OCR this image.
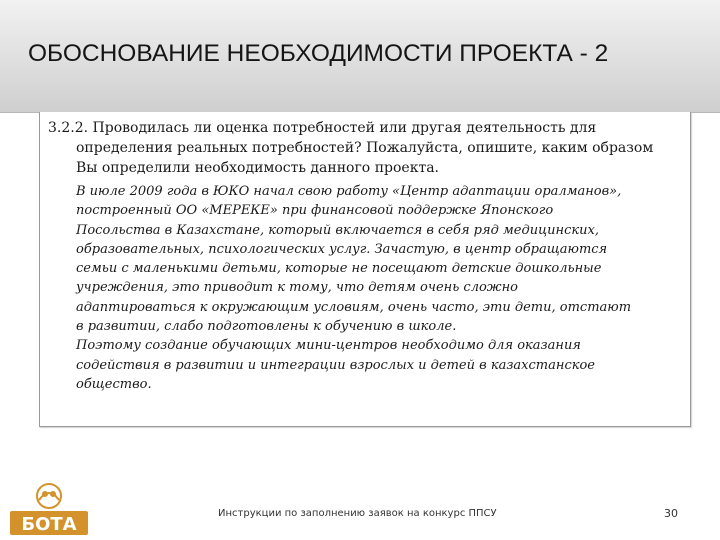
ОБОСНОВАНИЕ НЕОБХОДИМОСТИ ПРОЕКТА - 2
3.2.2. Проводилась ли оценка потребностей или другая деятельность для
определения реальных потребностей? Пожалуйста, опишите, каким образом
Вы определили необходимость данного проекта.

В июле 2009 года в ЮКО начал свою работу «Центр адаптации оралманов»,

построенный ОО «МЕРЕКЕ» при финансовой поддержке Японского

Посольства в Казахстане, который включается в себя ряд медицинских,

образовательных, психологических услуг. Зачастую, в центр обращаются

семьи с маленькими детьми, которые не посещают детские дошкольные

учреждения, это приводит к тому, что детям очень сложно

адаптироваться к окружающим условиям, очень часто, эти дети, отстают

в развитии, слабо подготовлены к обучению в школе.

Поэтому создание обучающих мини-центров необходимо для оказания

содействия в развитии и интеграции взрослых и детей в казахстанское

общество.

БОТА
Инструкции по заполнению заявок на конкурс ППСУ	30
